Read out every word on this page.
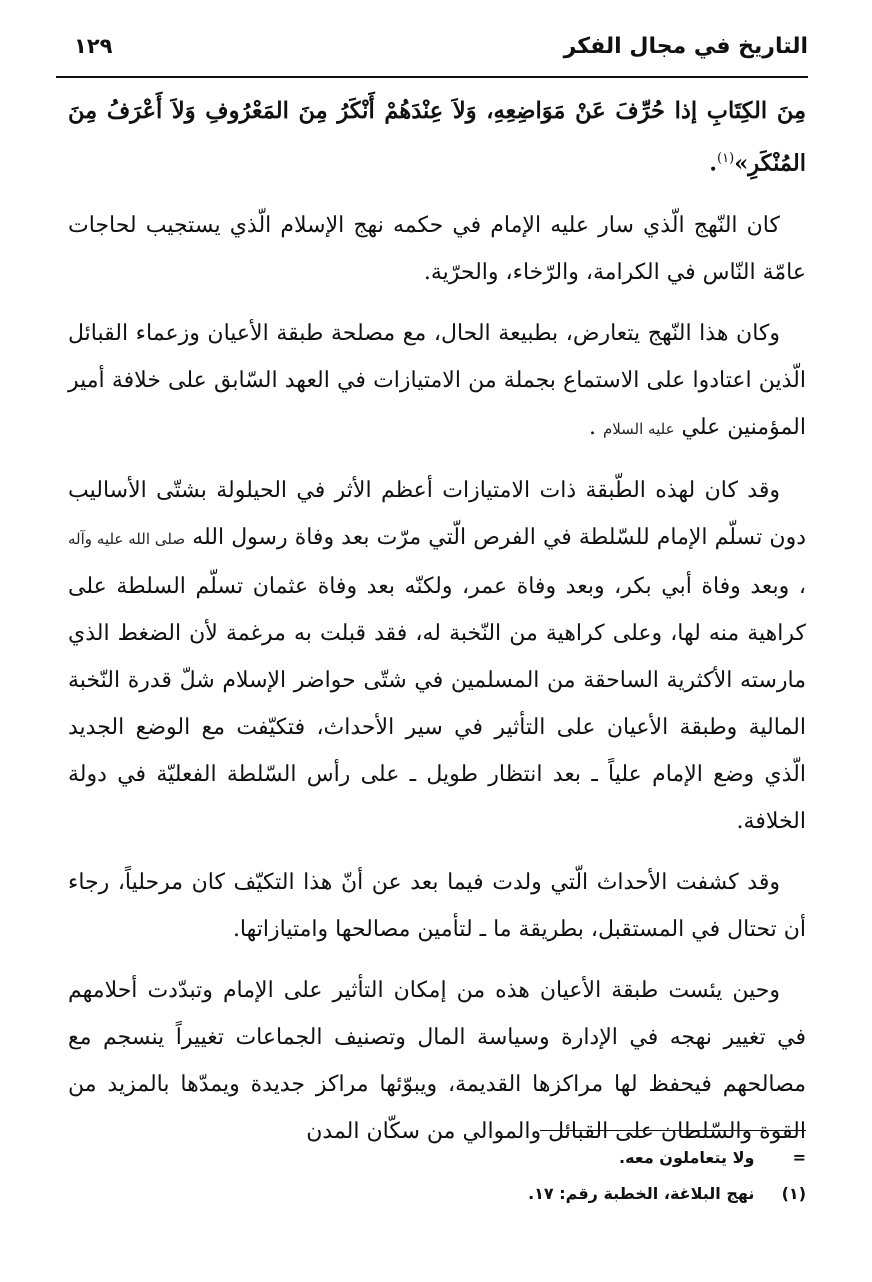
التاريخ في مجال الفكر
١٢٩

مِنَ الكِتَابِ إذا حُرِّفَ عَنْ مَوَاضِعِهِ، وَلاَ عِنْدَهُمْ أَنْكَرُ مِنَ المَعْرُوفِ وَلاَ أَعْرَفُ مِنَ المُنْكَرِ»$^{(١)}$.

كان النّهج الّذي سار عليه الإمام في حكمه نهج الإسلام الّذي يستجيب لحاجات عامّة النّاس في الكرامة، والرّخاء، والحرّية.

وكان هذا النّهج يتعارض، بطبيعة الحال، مع مصلحة طبقة الأعيان وزعماء القبائل الّذين اعتادوا على الاستماع بجملة من الامتيازات في العهد السّابق على خلافة أمير المؤمنين علي عليه السلام .

وقد كان لهذه الطّبقة ذات الامتيازات أعظم الأثر في الحيلولة بشتّى الأساليب دون تسلّم الإمام للسّلطة في الفرص الّتي مرّت بعد وفاة رسول الله صلى الله عليه وآله ، وبعد وفاة أبي بكر، وبعد وفاة عمر، ولكنّه بعد وفاة عثمان تسلّم السلطة على كراهية منه لها، وعلى كراهية من النّخبة له، فقد قبلت به مرغمة لأن الضغط الذي مارسته الأكثرية الساحقة من المسلمين في شتّى حواضر الإسلام شلّ قدرة النّخبة المالية وطبقة الأعيان على التأثير في سير الأحداث، فتكيّفت مع الوضع الجديد الّذي وضع الإمام علياً ـ بعد انتظار طويل ـ على رأس السّلطة الفعليّة في دولة الخلافة.

وقد كشفت الأحداث الّتي ولدت فيما بعد عن أنّ هذا التكيّف كان مرحلياً، رجاء أن تحتال في المستقبل، بطريقة ما ـ لتأمين مصالحها وامتيازاتها.

وحين يئست طبقة الأعيان هذه من إمكان التأثير على الإمام وتبدّدت أحلامهم في تغيير نهجه في الإدارة وسياسة المال وتصنيف الجماعات تغييراً ينسجم مع مصالحهم فيحفظ لها مراكزها القديمة، ويبوّئها مراكز جديدة ويمدّها بالمزيد من القوة والسّلطان على القبائل والموالي من سكّان المدن

= ولا يتعاملون معه.
(١) نهج البلاغة، الخطبة رقم: ١٧.
